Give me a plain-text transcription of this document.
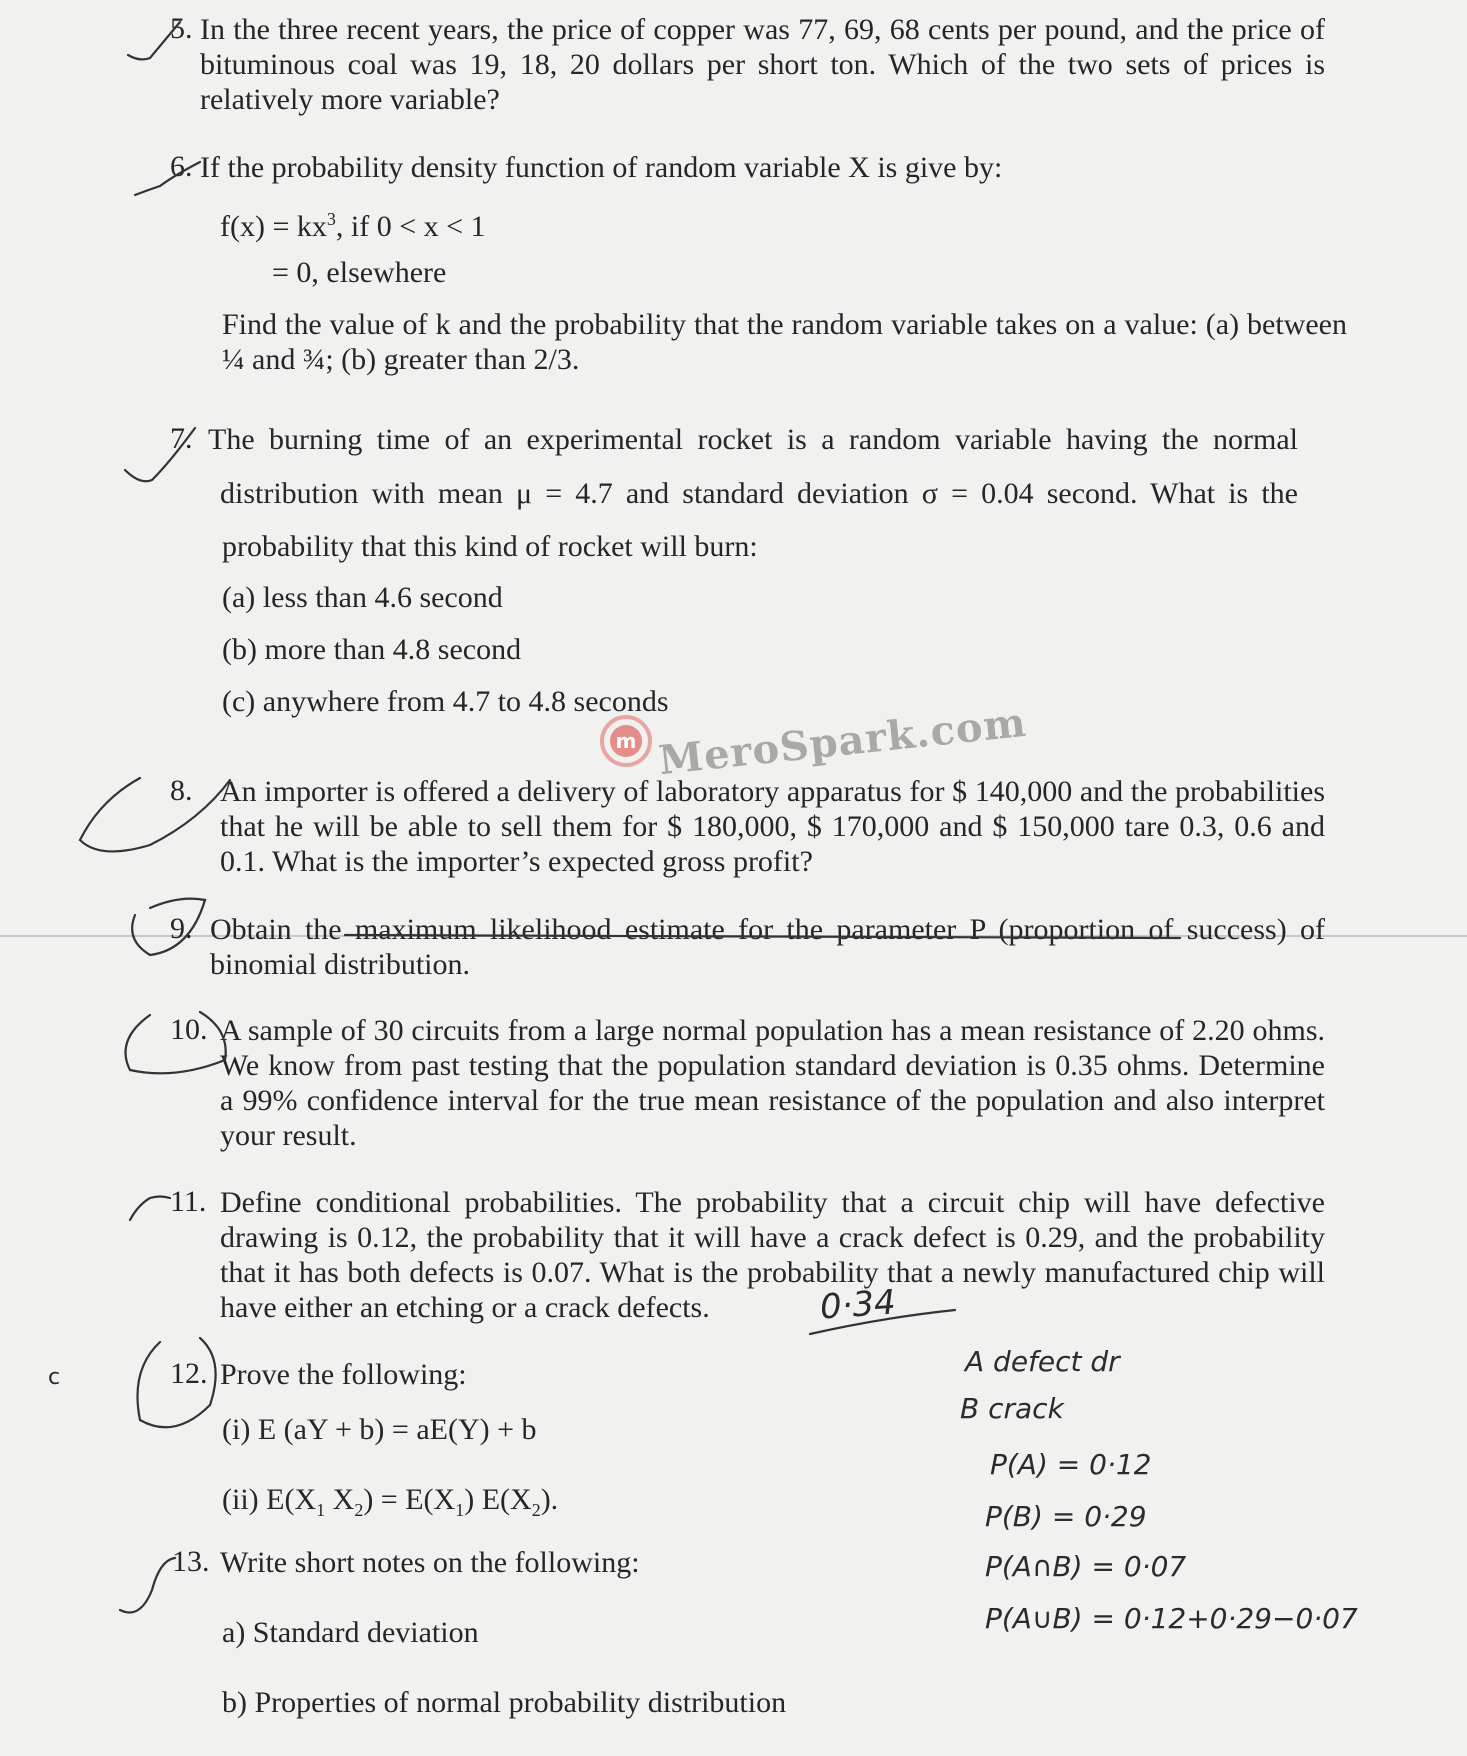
5. In the three recent years, the price of copper was 77, 69, 68 cents per pound, and the price of bituminous coal was 19, 18, 20 dollars per short ton. Which of the two sets of prices is relatively more variable?
6. If the probability density function of random variable X is give by:
$f(x) = kx^3$, if 0 < x < 1
= 0, elsewhere
Find the value of k and the probability that the random variable takes on a value: (a) between ¼ and ¾; (b) greater than 2/3.
7. The burning time of an experimental rocket is a random variable having the normal
distribution with mean μ = 4.7 and standard deviation σ = 0.04 second. What is the
probability that this kind of rocket will burn:
(a) less than 4.6 second
(b) more than 4.8 second
(c) anywhere from 4.7 to 4.8 seconds
m MeroSpark.com
8. An importer is offered a delivery of laboratory apparatus for $ 140,000 and the probabilities that he will be able to sell them for $ 180,000, $ 170,000 and $ 150,000 tare 0.3, 0.6 and 0.1. What is the importer’s expected gross profit?
9. Obtain the maximum likelihood estimate for the parameter P (proportion of success) of binomial distribution.
10. A sample of 30 circuits from a large normal population has a mean resistance of 2.20 ohms. We know from past testing that the population standard deviation is 0.35 ohms. Determine a 99% confidence interval for the true mean resistance of the population and also interpret your result.
11. Define conditional probabilities. The probability that a circuit chip will have defective drawing is 0.12, the probability that it will have a crack defect is 0.29, and the probability that it has both defects is 0.07. What is the probability that a newly manufactured chip will have either an etching or a crack defects.
12. Prove the following:
(i) E (aY + b) = aE(Y) + b
(ii) $E(X_1$ $X_2) = E(X_1)$ $E(X_2)$.
13. Write short notes on the following:
a) Standard deviation
b) Properties of normal probability distribution
0·34
A defect dr
B crack
P(A) = 0·12
P(B) = 0·29
P(A∩B) = 0·07
P(A∪B) = 0·12+0·29−0·07
c
